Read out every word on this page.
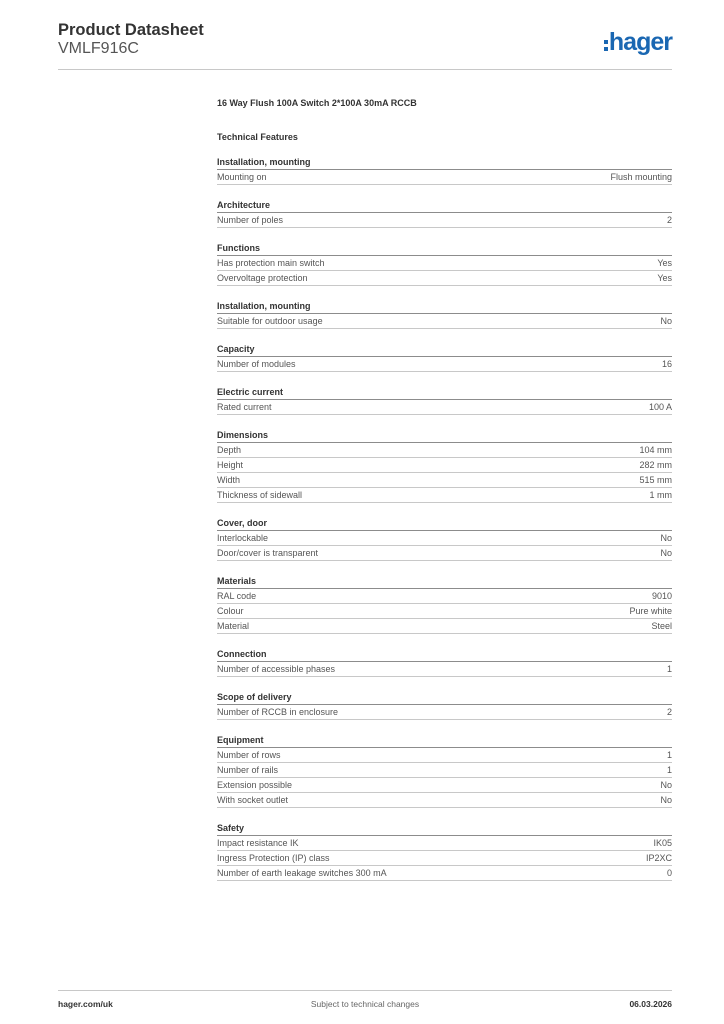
Product Datasheet
VMLF916C	hager
16 Way Flush 100A Switch 2*100A 30mA RCCB
Technical Features
Installation, mounting
Mounting on	Flush mounting
Architecture
Number of poles	2
Functions
Has protection main switch	Yes
Overvoltage protection	Yes
Installation, mounting
Suitable for outdoor usage	No
Capacity
Number of modules	16
Electric current
Rated current	100 A
Dimensions
Depth	104 mm
Height	282 mm
Width	515 mm
Thickness of sidewall	1 mm
Cover, door
Interlockable	No
Door/cover is transparent	No
Materials
RAL code	9010
Colour	Pure white
Material	Steel
Connection
Number of accessible phases	1
Scope of delivery
Number of RCCB in enclosure	2
Equipment
Number of rows	1
Number of rails	1
Extension possible	No
With socket outlet	No
Safety
Impact resistance IK	IK05
Ingress Protection (IP) class	IP2XC
Number of earth leakage switches 300 mA	0
hager.com/uk	Subject to technical changes	06.03.2026
